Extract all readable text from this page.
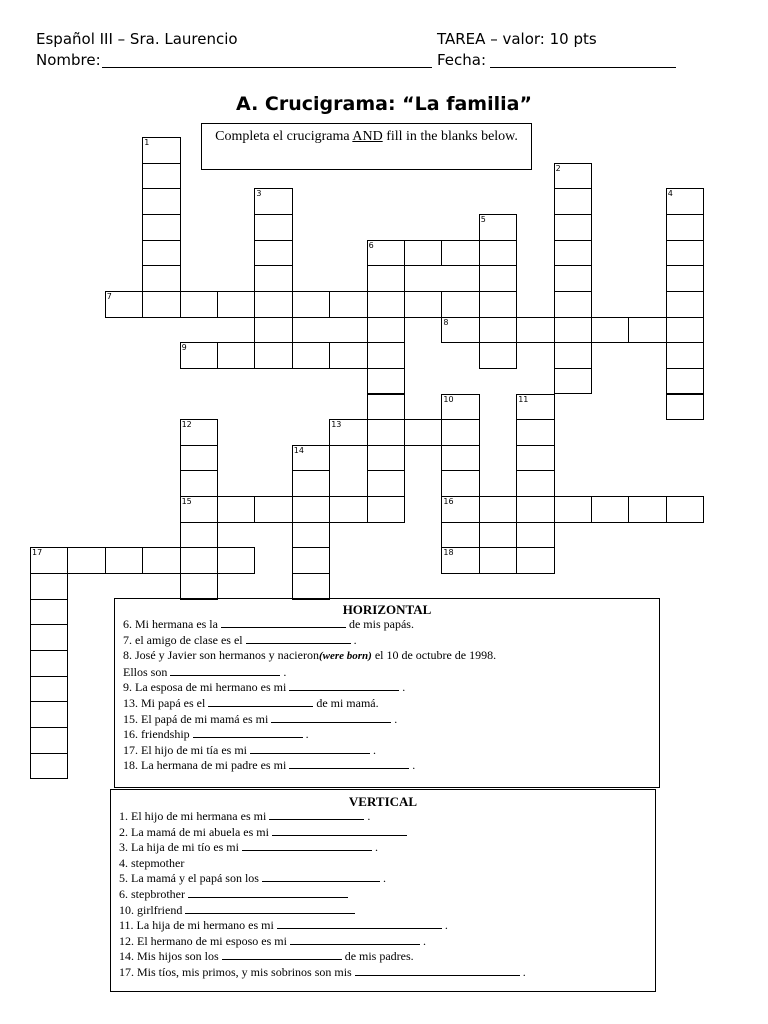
Español III – Sra. Laurencio	TAREA – valor: 10 pts
Nombre:	Fecha:
A. Crucigrama: “La familia”
Completa el crucigrama AND fill in the blanks below.
1
2
3	4
5
6
7
8
9
10
16
18
11
12
15
13
14
17
HORIZONTAL
6. Mi hermana es la	de mis papás.
7. el amigo de clase es el	.
8. José y Javier son hermanos y nacieron(were born) el 10 de octubre de 1998.
Ellos son	.
9. La esposa de mi hermano es mi	.
13. Mi papá es el	de mi mamá.
15. El papá de mi mamá es mi	.
16. friendship	.
17. El hijo de mi tía es mi	.
18. La hermana de mi padre es mi	.
VERTICAL
1. El hijo de mi hermana es mi	.
2. La mamá de mi abuela es mi
3. La hija de mi tío es mi	.
4. stepmother
5. La mamá y el papá son los	.
6. stepbrother
10. girlfriend
11. La hija de mi hermano es mi	.
12. El hermano de mi esposo es mi	.
14. Mis hijos son los	de mis padres.
17. Mis tíos, mis primos, y mis sobrinos son mis	.
